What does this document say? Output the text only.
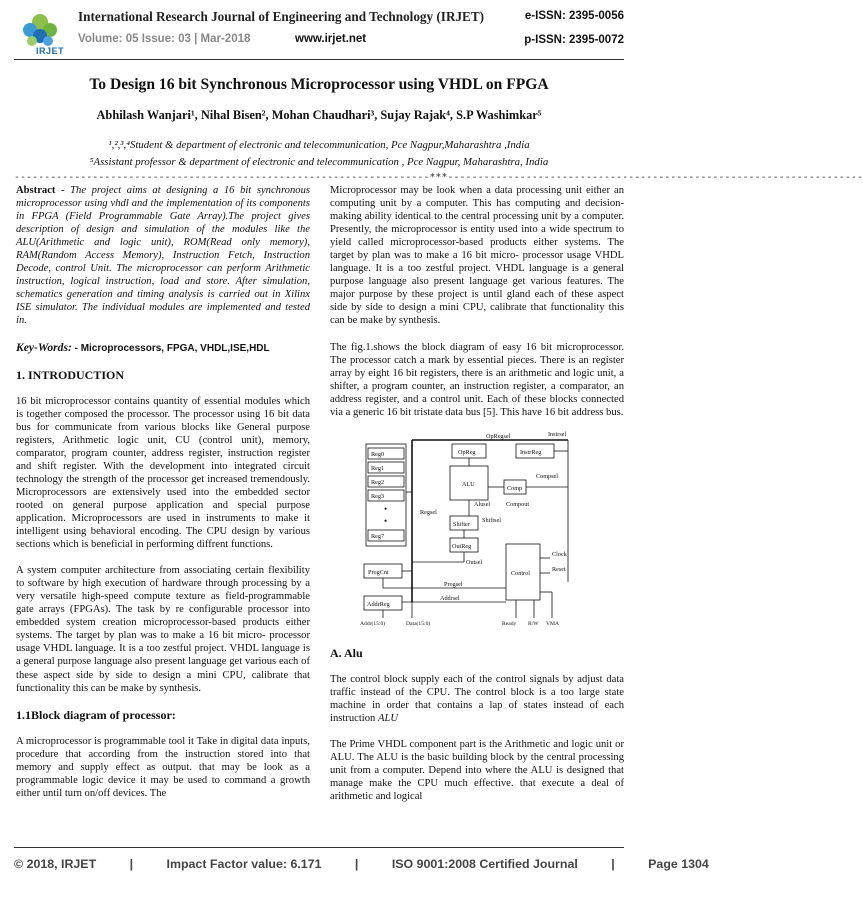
IRJET
International Research Journal of Engineering and Technology (IRJET)	e-ISSN: 2395-0056
Volume: 05 Issue: 03 | Mar-2018	www.irjet.net	p-ISSN: 2395-0072
To Design 16 bit Synchronous Microprocessor using VHDL on FPGA
Abhilash Wanjari¹, Nihal Bisen², Mohan Chaudhari³, Sujay Rajak⁴, S.P Washimkar⁵
¹,²,³,⁴Student & department of electronic and telecommunication, Pce Nagpur,Maharashtra ,India
⁵Assistant professor & department of electronic and telecommunication , Pce Nagpur, Maharashtra, India
---------------------------------------------------------------------***---------------------------------------------------------------------

Abstract - The project aims at designing a 16 bit synchronous microprocessor using vhdl and the implementation of its components in FPGA (Field Programmable Gate Array).The project gives description of design and simulation of the modules like the ALU(Arithmetic and logic unit), ROM(Read only memory), RAM(Random Access Memory), Instruction Fetch, Instruction Decode, control Unit. The microprocessor can perform Arithmetic instruction, logical instruction, load and store. After simulation, schematics generation and timing analysis is carried out in Xilinx ISE simulator. The individual modules are implemented and tested in.

Key-Words: - Microprocessors, FPGA, VHDL,ISE,HDL

1. INTRODUCTION

16 bit microprocessor contains quantity of essential modules which is together composed the processor. The processor using 16 bit data bus for communicate from various blocks like General purpose registers, Arithmetic logic unit, CU (control unit), memory, comparator, program counter, address register, instruction register and shift register. With the development into integrated circuit technology the strength of the processor get increased tremendously. Microprocessors are extensively used into the embedded sector rooted on general purpose application and special purpose application. Microprocessors are used in instruments to make it intelligent using behavioral encoding. The CPU design by various sections which is beneficial in performing diffrent functions.

A system computer architecture from associating certain flexibility to software by high execution of hardware through processing by a very versatile high-speed compute texture as field-programmable gate arrays (FPGAs). The task by re configurable processor into embedded system creation microprocessor-based products either systems. The target by plan was to make a 16 bit micro- processor usage VHDL language. It is a too zestful project. VHDL language is a general purpose language also present language get various each of these aspect side by side to design a mini CPU, calibrate that functionality this can be make by synthesis.

1.1Block diagram of processor:

A microprocessor is programmable tool it Take in digital data inputs, procedure that according from the instruction stored into that memory and supply effect as output. that may be look as a programmable logic device it may be used to command a growth either until turn on/off devices. The

Microprocessor may be look when a data processing unit either an computing unit by a computer. This has computing and decision-making ability identical to the central processing unit by a computer. Presently, the microprocessor is entity used into a wide spectrum to yield called microprocessor-based products either systems. The target by plan was to make a 16 bit micro- processor usage VHDL language. It is a too zestful project. VHDL language is a general purpose language also present language get various features. The major purpose by these project is until gland each of these aspect side by side to design a mini CPU, calibrate that functionality this can be make by synthesis.

The fig.1.shows the block diagram of easy 16 bit microprocessor. The processor catch a mark by essential pieces. There is an register array by eight 16 bit registers, there is an arithmetic and logic unit, a shifter, a program counter, an instruction register, a comparator, an address register, and a control unit. Each of these blocks connected via a generic 16 bit tristate data bus [5]. This have 16 bit address bus.

Reg0
Reg1
Reg2
Reg3
•
•
Reg7
OpReg
OpRegsel
InstrReg
Instrsel
ALU
Alusel
Comp
Compsel
Compout
Regsel
Shifter
Shiftsel
OutReg
Outsel
Clock
Reset
ProgCnt	Control
Progsel
Addrsel
AddrReg
Addr(15:0)	Data(15:0)	Ready R/W VMA
A. Alu

The control block supply each of the control signals by adjust data traffic instead of the CPU. The control block is a too large state machine in order that contains a lap of states instead of each instruction ALU

The Prime VHDL component part is the Arithmetic and logic unit or ALU. The ALU is the basic building block by the central processing unit from a computer. Depend into where the ALU is designed that manage make the CPU much effective. that execute a deal of arithmetic and logical

© 2018, IRJET	|	Impact Factor value: 6.171	|	ISO 9001:2008 Certified Journal	|	Page 1304
